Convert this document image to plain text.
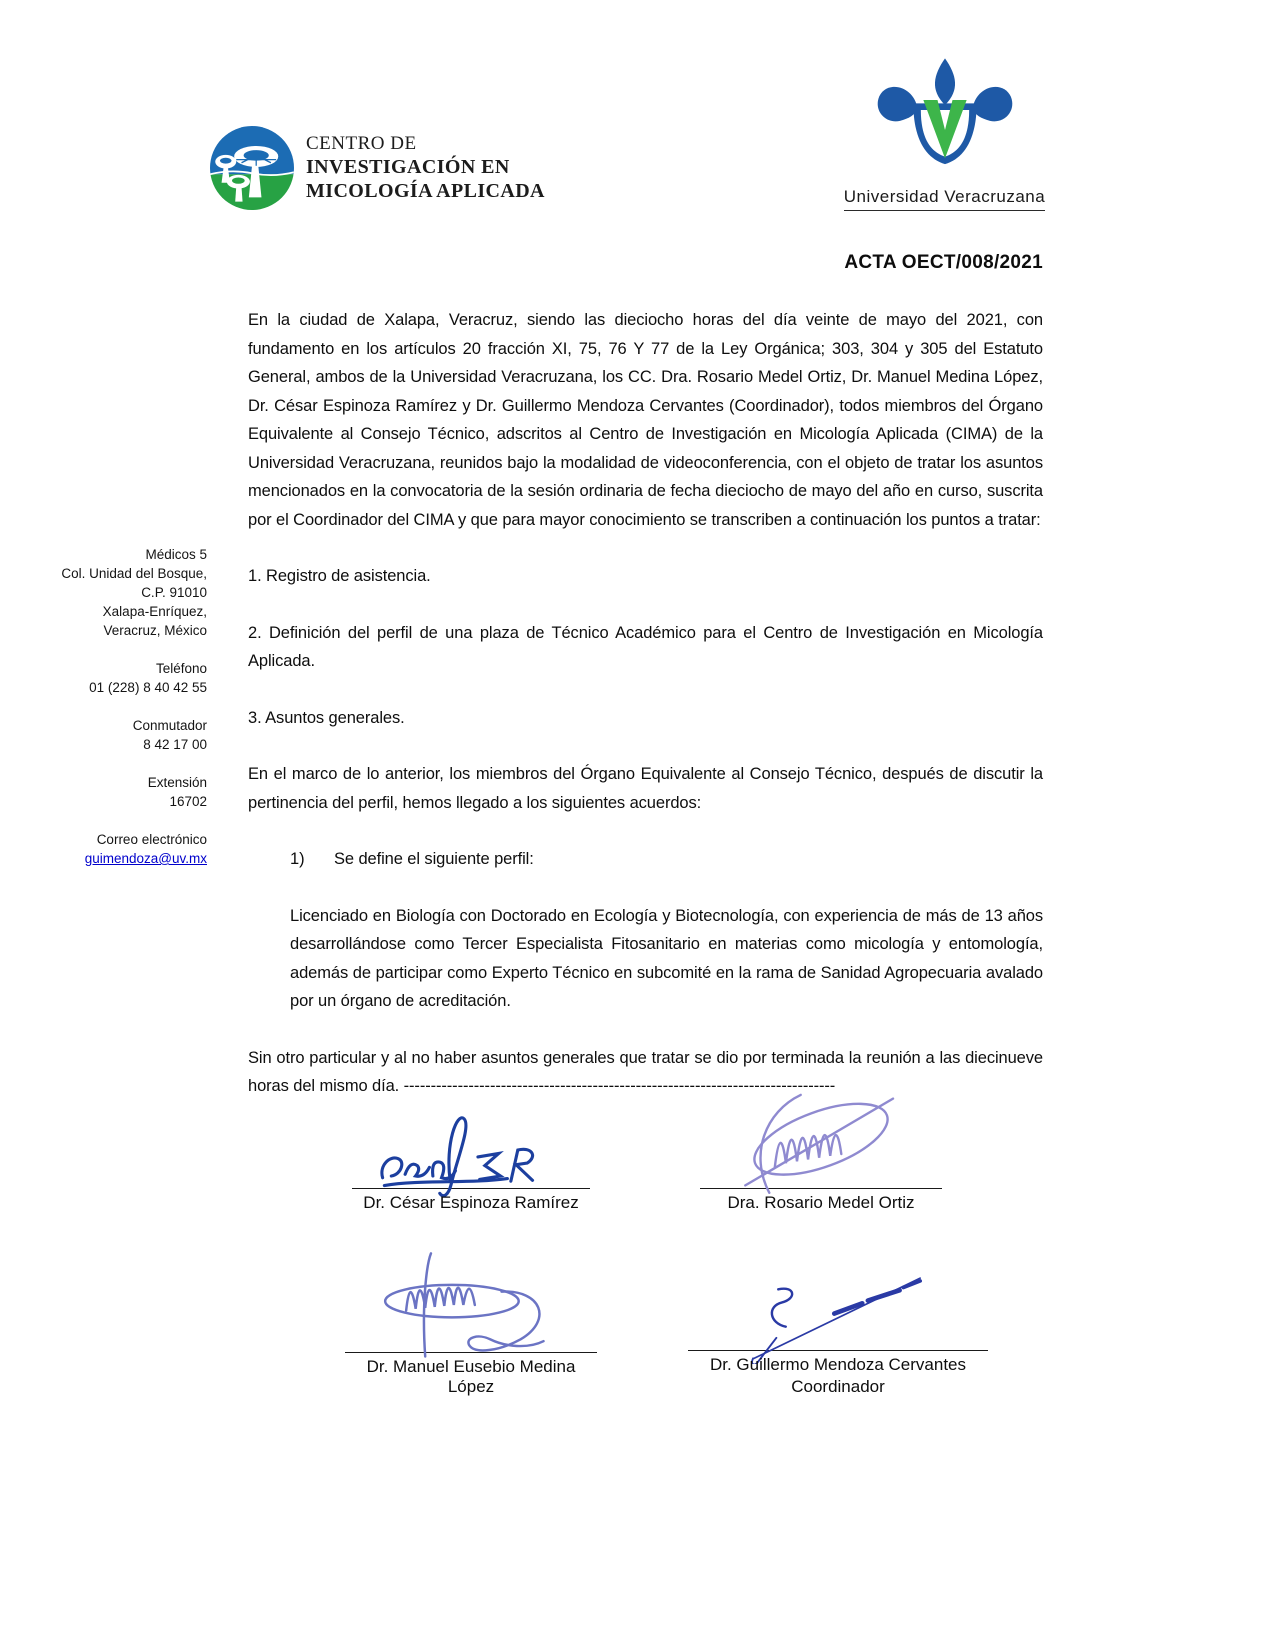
CENTRO DE
INVESTIGACIÓN EN
MICOLOGÍA APLICADA	Universidad Veracruzana
ACTA OECT/008/2021
Médicos 5
Col. Unidad del Bosque,
C.P. 91010
Xalapa-Enríquez,
Veracruz, México
Teléfono
01 (228) 8 40 42 55
Conmutador
8 42 17 00
Extensión
16702
Correo electrónico
guimendoza@uv.mx

En la ciudad de Xalapa, Veracruz, siendo las dieciocho horas del día veinte de mayo del 2021, con fundamento en los artículos 20 fracción XI, 75, 76 Y 77 de la Ley Orgánica; 303, 304 y 305 del Estatuto General, ambos de la Universidad Veracruzana, los CC. Dra. Rosario Medel Ortiz, Dr. Manuel Medina López, Dr. César Espinoza Ramírez y Dr. Guillermo Mendoza Cervantes (Coordinador), todos miembros del Órgano Equivalente al Consejo Técnico, adscritos al Centro de Investigación en Micología Aplicada (CIMA) de la Universidad Veracruzana, reunidos bajo la modalidad de videoconferencia, con el objeto de tratar los asuntos mencionados en la convocatoria de la sesión ordinaria de fecha dieciocho de mayo del año en curso, suscrita por el Coordinador del CIMA y que para mayor conocimiento se transcriben a continuación los puntos a tratar:

1. Registro de asistencia.

2. Definición del perfil de una plaza de Técnico Académico para el Centro de Investigación en Micología Aplicada.

3. Asuntos generales.

En el marco de lo anterior, los miembros del Órgano Equivalente al Consejo Técnico, después de discutir la pertinencia del perfil, hemos llegado a los siguientes acuerdos:

1)	Se define el siguiente perfil:

Licenciado en Biología con Doctorado en Ecología y Biotecnología, con experiencia de más de 13 años desarrollándose como Tercer Especialista Fitosanitario en materias como micología y entomología, además de participar como Experto Técnico en subcomité en la rama de Sanidad Agropecuaria avalado por un órgano de acreditación.

Sin otro particular y al no haber asuntos generales que tratar se dio por terminada la reunión a las diecinueve horas del mismo día. --------------------------------------------------------------------------------

Dr. César Espinoza Ramírez	Dra. Rosario Medel Ortiz
Dr. Manuel Eusebio Medina López
Dr. Guillermo Mendoza Cervantes
Coordinador
